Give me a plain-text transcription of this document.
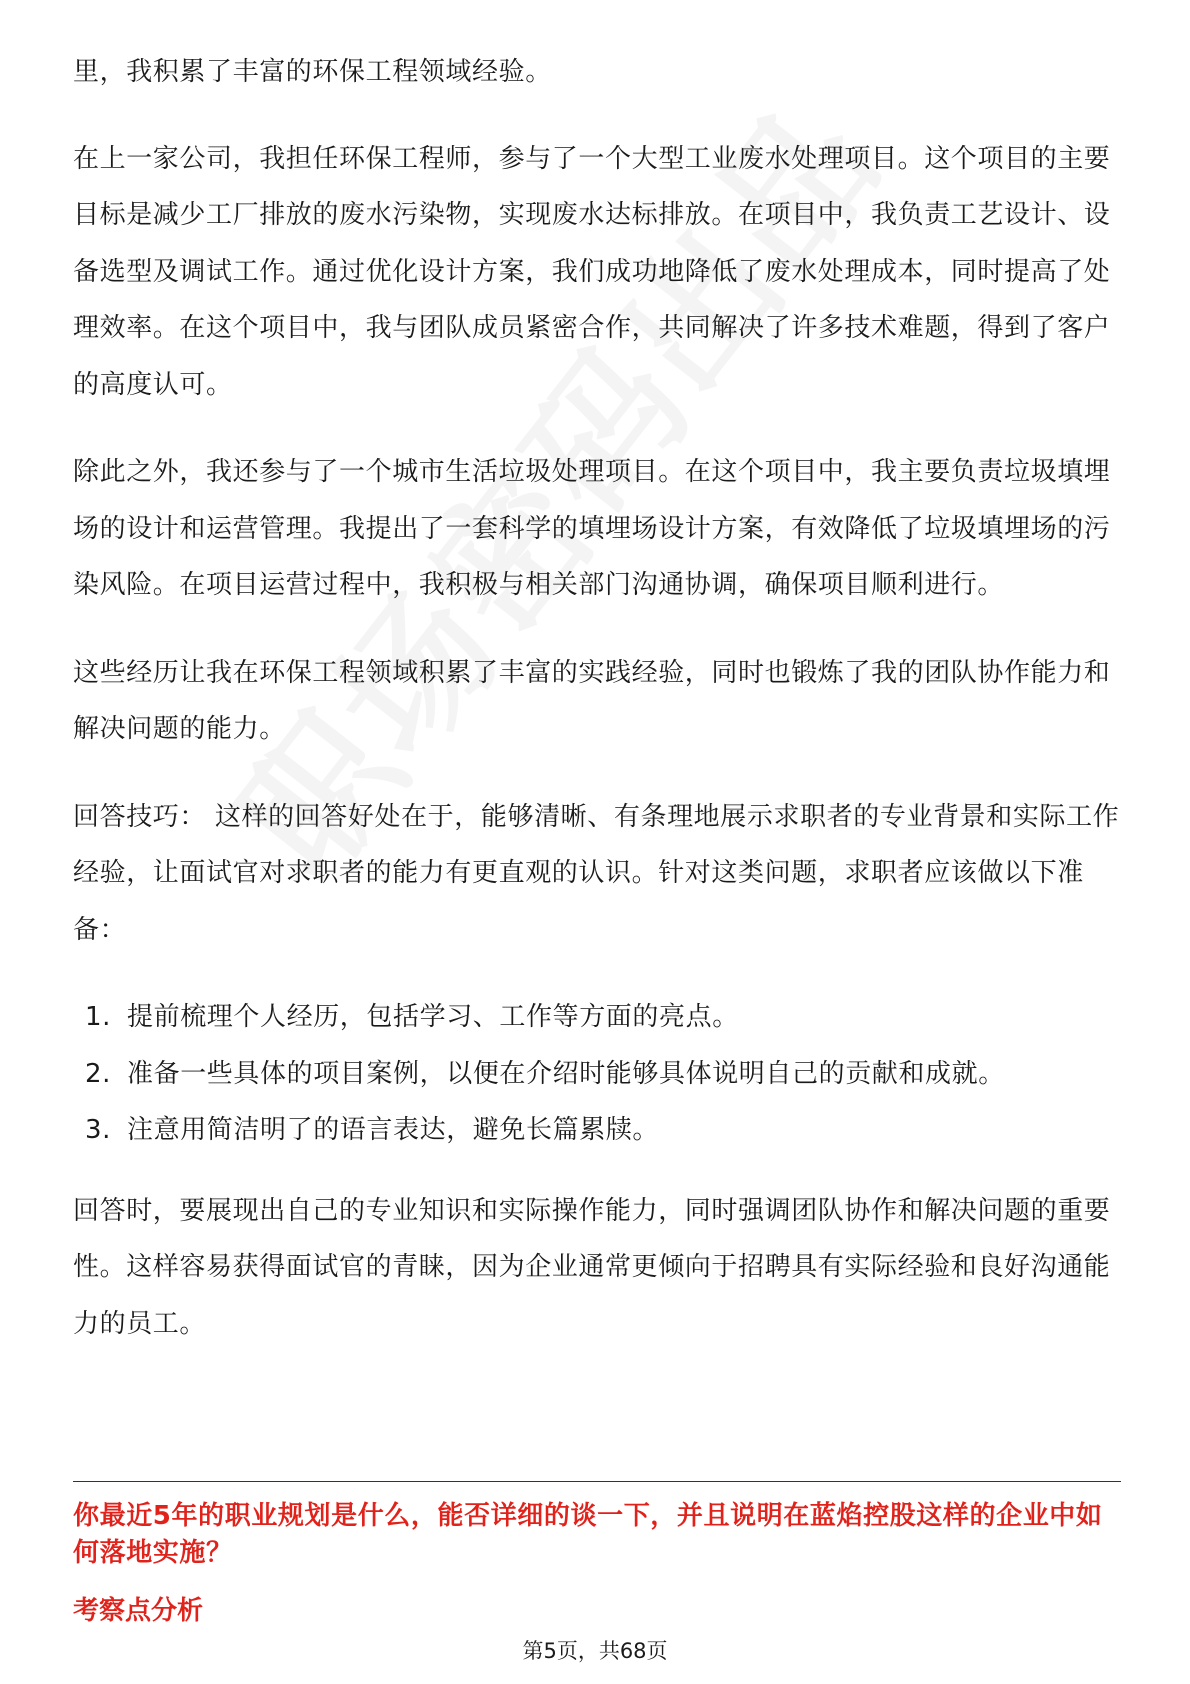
里，我积累了丰富的环保工程领域经验。

在上一家公司，我担任环保工程师，参与了一个大型工业废水处理项目。这个项目的主要目标是减少工厂排放的废水污染物，实现废水达标排放。在项目中，我负责工艺设计、设备选型及调试工作。通过优化设计方案，我们成功地降低了废水处理成本，同时提高了处理效率。在这个项目中，我与团队成员紧密合作，共同解决了许多技术难题，得到了客户的高度认可。

除此之外，我还参与了一个城市生活垃圾处理项目。在这个项目中，我主要负责垃圾填埋场的设计和运营管理。我提出了一套科学的填埋场设计方案，有效降低了垃圾填埋场的污染风险。在项目运营过程中，我积极与相关部门沟通协调，确保项目顺利进行。

这些经历让我在环保工程领域积累了丰富的实践经验，同时也锻炼了我的团队协作能力和解决问题的能力。

回答技巧： 这样的回答好处在于，能够清晰、有条理地展示求职者的专业背景和实际工作经验，让面试官对求职者的能力有更直观的认识。针对这类问题，求职者应该做以下准备：

1. 提前梳理个人经历，包括学习、工作等方面的亮点。
2. 准备一些具体的项目案例，以便在介绍时能够具体说明自己的贡献和成就。
3. 注意用简洁明了的语言表达，避免长篇累牍。

回答时，要展现出自己的专业知识和实际操作能力，同时强调团队协作和解决问题的重要性。这样容易获得面试官的青睐，因为企业通常更倾向于招聘具有实际经验和良好沟通能力的员工。

你最近5年的职业规划是什么，能否详细的谈一下，并且说明在蓝焰控股这样的企业中如何落地实施？
考察点分析
第5页，共68页
